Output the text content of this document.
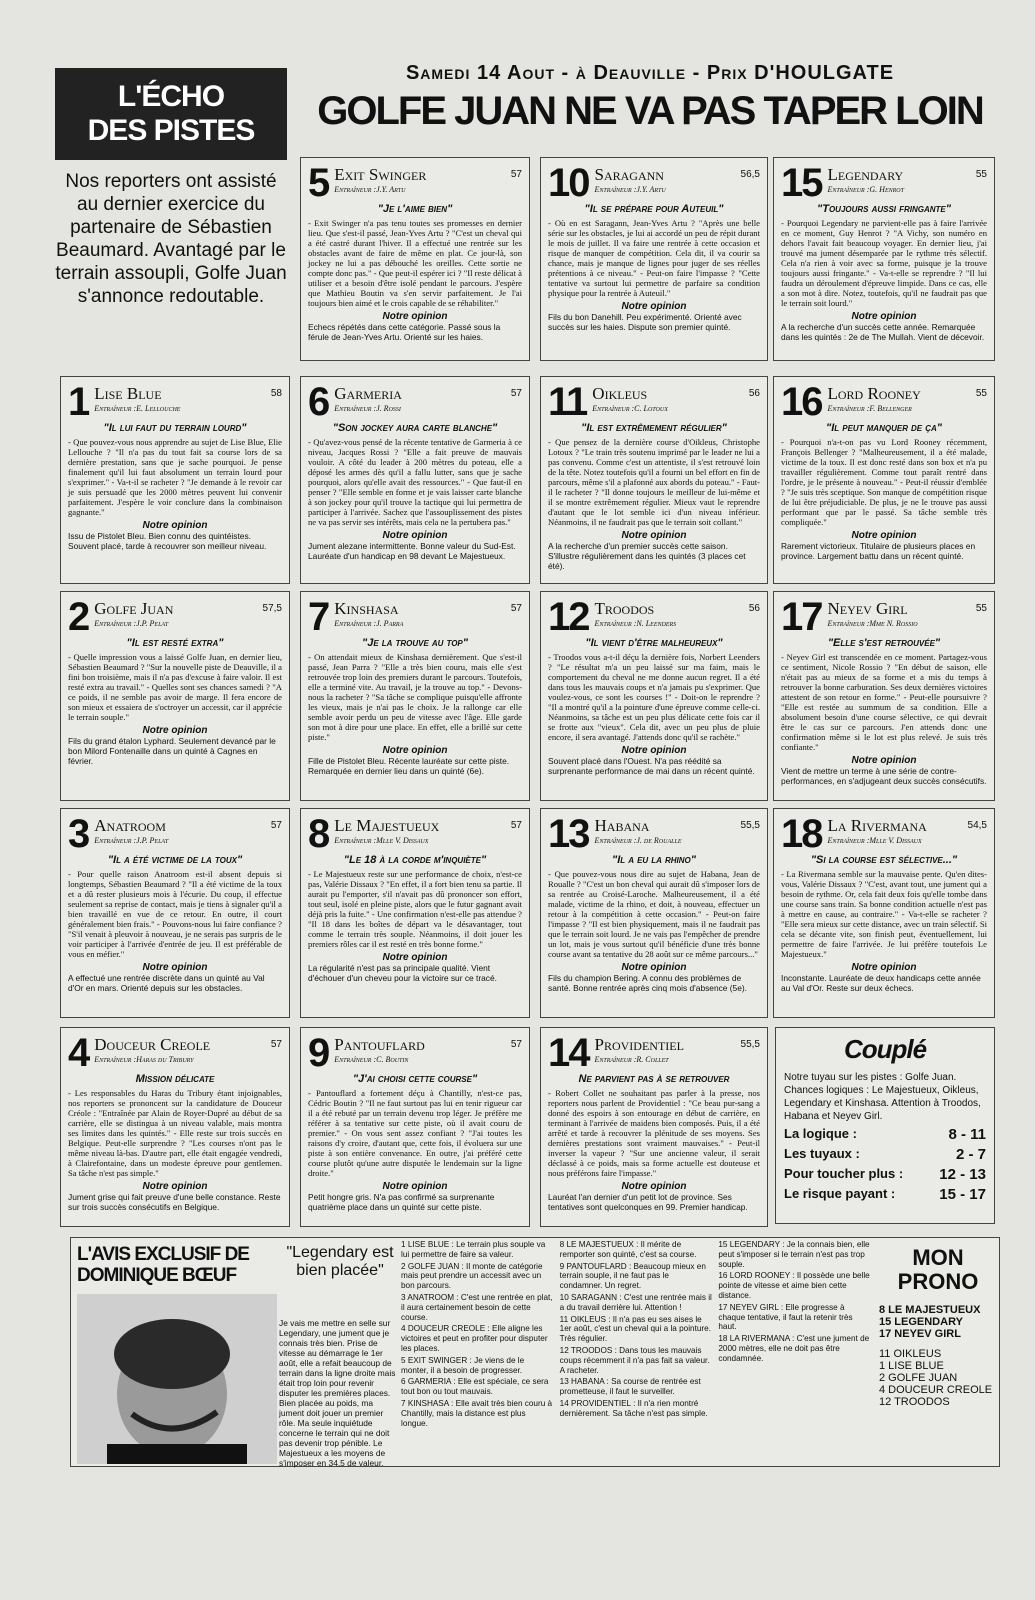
L'ÉCHO
DES PISTES
Nos reporters ont assisté au dernier exercice du partenaire de Sébastien Beaumard. Avantagé par le terrain assoupli, Golfe Juan s'annonce redoutable.
Samedi 14 Aout - à Deauville - Prix D'HOULGATE
GOLFE JUAN NE VA PAS TAPER LOIN
5	57
Exit Swinger
Entraîneur :J.Y. Artu
"Je l'aime bien"
- Exit Swinger n'a pas tenu toutes ses promesses en dernier lieu. Que s'est-il passé, Jean-Yves Artu ? "C'est un cheval qui a été castré durant l'hiver. Il a effectué une rentrée sur les obstacles avant de faire de même en plat. Ce jour-là, son jockey ne lui a pas débouché les oreilles. Cette sortie ne compte donc pas." - Que peut-il espérer ici ? "Il reste délicat à utiliser et a besoin d'être isolé pendant le parcours. J'espère que Mathieu Boutin va s'en servir parfaitement. Je l'ai toujours bien aimé et le crois capable de se réhabiliter."
Notre opinion
Echecs répétés dans cette catégorie. Passé sous la férule de Jean-Yves Artu. Orienté sur les haies.
10	56,5
Saragann
Entraîneur :J.Y. Artu
"Il se prépare pour Auteuil"
- Où en est Saragann, Jean-Yves Artu ? "Après une belle série sur les obstacles, je lui ai accordé un peu de répit durant le mois de juillet. Il va faire une rentrée à cette occasion et risque de manquer de compétition. Cela dit, il va courir sa chance, mais je manque de lignes pour juger de ses réelles prétentions à ce niveau." - Peut-on faire l'impasse ? "Cette tentative va surtout lui permettre de parfaire sa condition physique pour la rentrée à Auteuil."
Notre opinion
Fils du bon Danehill. Peu expérimenté. Orienté avec succès sur les haies. Dispute son premier quinté.
15	55
Legendary
Entraîneur :G. Henrot
"Toujours aussi fringante"
- Pourquoi Legendary ne parvient-elle pas à faire l'arrivée en ce moment, Guy Henrot ? "A Vichy, son numéro en dehors l'avait fait beaucoup voyager. En dernier lieu, j'ai trouvé ma jument désemparée par le rythme très sélectif. Cela n'a rien à voir avec sa forme, puisque je la trouve toujours aussi fringante." - Va-t-elle se reprendre ? "Il lui faudra un déroulement d'épreuve limpide. Dans ce cas, elle a son mot à dire. Notez, toutefois, qu'il ne faudrait pas que le terrain soit lourd."
Notre opinion
A la recherche d'un succès cette année. Remarquée dans les quintés : 2e de The Mullah. Vient de décevoir.
1	58
Lise Blue
Entraîneur :E. Lellouche
"Il lui faut du terrain lourd"
- Que pouvez-vous nous apprendre au sujet de Lise Blue, Elie Lellouche ? "Il n'a pas du tout fait sa course lors de sa dernière prestation, sans que je sache pourquoi. Je pense finalement qu'il lui faut absolument un terrain lourd pour s'exprimer." - Va-t-il se racheter ? "Je demande à le revoir car je suis persuadé que les 2000 mètres peuvent lui convenir parfaitement. J'espère le voir conclure dans la combinaison gagnante."
Notre opinion
Issu de Pistolet Bleu. Bien connu des quintéistes. Souvent placé, tarde à recouvrer son meilleur niveau.
6	57
Garmeria
Entraîneur :J. Rossi
"Son jockey aura carte blanche"
- Qu'avez-vous pensé de la récente tentative de Garmeria à ce niveau, Jacques Rossi ? "Elle a fait preuve de mauvais vouloir. A côté du leader à 200 mètres du poteau, elle a déposé les armes dès qu'il a fallu lutter, sans que je sache pourquoi, alors qu'elle avait des ressources." - Que faut-il en penser ? "Elle semble en forme et je vais laisser carte blanche à son jockey pour qu'il trouve la tactique qui lui permettra de participer à l'arrivée. Sachez que l'assouplissement des pistes ne va pas servir ses intérêts, mais cela ne la pertubera pas."
Notre opinion
Jument alezane intermittente. Bonne valeur du Sud-Est. Lauréate d'un handicap en 98 devant Le Majestueux.
11	56
Oikleus
Entraîneur :C. Lotoux
"Il est extrêmement régulier"
- Que pensez de la dernière course d'Oikleus, Christophe Lotoux ? "Le train très soutenu imprimé par le leader ne lui a pas convenu. Comme c'est un attentiste, il s'est retrouvé loin de la tête. Notez toutefois qu'il a fourni un bel effort en fin de parcours, même s'il a plafonné aux abords du poteau." - Faut-il le racheter ? "Il donne toujours le meilleur de lui-même et il se montre extrêmement régulier. Mieux vaut le reprendre d'autant que le lot semble ici d'un niveau inférieur. Néanmoins, il ne faudrait pas que le terrain soit collant."
Notre opinion
A la recherche d'un premier succès cette saison. S'illustre régulièrement dans les quintés (3 places cet été).
16	55
Lord Rooney
Entraîneur :F. Bellenger
"Il peut manquer de ça"
- Pourquoi n'a-t-on pas vu Lord Rooney récemment, François Bellenger ? "Malheureusement, il a été malade, victime de la toux. Il est donc resté dans son box et n'a pu travailler régulièrement. Comme tout paraît rentré dans l'ordre, je le présente à nouveau." - Peut-il réussir d'emblée ? "Je suis très sceptique. Son manque de compétition risque de lui être préjudiciable. De plus, je ne le trouve pas aussi performant que par le passé. Sa tâche semble très compliquée."
Notre opinion
Rarement victorieux. Titulaire de plusieurs places en province. Largement battu dans un récent quinté.
2	57,5
Golfe Juan
Entraîneur :J.P. Pelat
"Il est resté extra"
- Quelle impression vous a laissé Golfe Juan, en dernier lieu, Sébastien Beaumard ? "Sur la nouvelle piste de Deauville, il a fini bon troisième, mais il n'a pas d'excuse à faire valoir. Il est resté extra au travail." - Quelles sont ses chances samedi ? "A ce poids, il ne semble pas avoir de marge. Il fera encore de son mieux et essaiera de s'octroyer un accessit, car il apprécie le terrain souple."
Notre opinion
Fils du grand étalon Lyphard. Seulement devancé par le bon Milord Fontenaille dans un quinté à Cagnes en février.
7	57
Kinshasa
Entraîneur :J. Parra
"Je la trouve au top"
- On attendait mieux de Kinshasa dernièrement. Que s'est-il passé, Jean Parra ? "Elle a très bien couru, mais elle s'est retrouvée trop loin des premiers durant le parcours. Toutefois, elle a terminé vite. Au travail, je la trouve au top." - Devons-nous la racheter ? "Sa tâche se complique puisqu'elle affronte les vieux, mais je n'ai pas le choix. Je la rallonge car elle semble avoir perdu un peu de vitesse avec l'âge. Elle garde son mot à dire pour une place. En effet, elle a brillé sur cette piste."
Notre opinion
Fille de Pistolet Bleu. Récente lauréate sur cette piste. Remarquée en dernier lieu dans un quinté (6e).
12	56
Troodos
Entraîneur :N. Leenders
"Il vient d'être malheureux"
- Troodos vous a-t-il déçu la dernière fois, Norbert Leenders ? "Le résultat m'a un peu laissé sur ma faim, mais le comportement du cheval ne me donne aucun regret. Il a été dans tous les mauvais coups et n'a jamais pu s'exprimer. Que voulez-vous, ce sont les courses !" - Doit-on le reprendre ? "Il a montré qu'il a la pointure d'une épreuve comme celle-ci. Néanmoins, sa tâche est un peu plus délicate cette fois car il se frotte aux "vieux". Cela dit, avec un peu plus de pluie encore, il sera avantagé. J'attends donc qu'il se rachète."
Notre opinion
Souvent placé dans l'Ouest. N'a pas réédité sa surprenante performance de mai dans un récent quinté.
17	55
Neyev Girl
Entraîneur :Mme N. Rossio
"Elle s'est retrouvée"
- Neyev Girl est transcendée en ce moment. Partagez-vous ce sentiment, Nicole Rossio ? "En début de saison, elle n'était pas au mieux de sa forme et a mis du temps à retrouver la bonne carburation. Ses deux dernières victoires attestent de son retour en forme." - Peut-elle poursuivre ? "Elle est restée au summum de sa condition. Elle a absolument besoin d'une course sélective, ce qui devrait être le cas sur ce parcours. J'en attends donc une confirmation même si le lot est plus relevé. Je suis très confiante."
Notre opinion
Vient de mettre un terme à une série de contre-performances, en s'adjugeant deux succès consécutifs.
3	57
Anatroom
Entraîneur :J.P. Pelat
"Il a été victime de la toux"
- Pour quelle raison Anatroom est-il absent depuis si longtemps, Sébastien Beaumard ? "Il a été victime de la toux et a dû rester plusieurs mois à l'écurie. Du coup, il effectue seulement sa reprise de contact, mais je tiens à signaler qu'il a bien travaillé en vue de ce retour. En outre, il court généralement bien frais." - Pouvons-nous lui faire confiance ? "S'il venait à pleuvoir à nouveau, je ne serais pas surpris de le voir participer à l'arrivée d'entrée de jeu. Il est préférable de vous en méfier."
Notre opinion
A effectué une rentrée discrète dans un quinté au Val d'Or en mars. Orienté depuis sur les obstacles.
8	57
Le Majestueux
Entraîneur :Mlle V. Dissaux
"Le 18 à la corde m'inquiète"
- Le Majestueux reste sur une performance de choix, n'est-ce pas, Valérie Dissaux ? "En effet, il a fort bien tenu sa partie. Il aurait pu l'emporter, s'il n'avait pas dû prononcer son effort, tout seul, isolé en pleine piste, alors que le futur gagnant avait déjà pris la fuite." - Une confirmation n'est-elle pas attendue ? "Il 18 dans les boîtes de départ va le désavantager, tout comme le terrain très souple. Néanmoins, il doit jouer les premiers rôles car il est resté en très bonne forme."
Notre opinion
La régularité n'est pas sa principale qualité. Vient d'échouer d'un cheveu pour la victoire sur ce tracé.
13	55,5
Habana
Entraîneur :J. de Roualle
"Il a eu la rhino"
- Que pouvez-vous nous dire au sujet de Habana, Jean de Roualle ? "C'est un bon cheval qui aurait dû s'imposer lors de sa rentrée au Croisé-Laroche. Malheureusement, il a été malade, victime de la rhino, et doit, à nouveau, effectuer un retour à la compétition à cette occasion." - Peut-on faire l'impasse ? "Il est bien physiquement, mais il ne faudrait pas que le terrain soit lourd. Je ne vais pas l'empêcher de prendre un lot, mais je vous surtout qu'il bénéficie d'une très bonne course avant sa tentative du 28 août sur ce même parcours..."
Notre opinion
Fils du champion Bering. A connu des problèmes de santé. Bonne rentrée après cinq mois d'absence (5e).
18	54,5
La Rivermana
Entraîneur :Mlle V. Dissaux
"Si la course est sélective..."
- La Rivermana semble sur la mauvaise pente. Qu'en dites-vous, Valérie Dissaux ? "C'est, avant tout, une jument qui a besoin de rythme. Or, cela fait deux fois qu'elle tombe dans une course sans train. Sa bonne condition actuelle n'est pas à mettre en cause, au contraire." - Va-t-elle se racheter ? "Elle sera mieux sur cette distance, avec un train sélectif. Si cela se décante vite, son finish peut, éventuellement, lui permettre de faire l'arrivée. Je lui préfère toutefois Le Majestueux."
Notre opinion
Inconstante. Lauréate de deux handicaps cette année au Val d'Or. Reste sur deux échecs.
4	57
Douceur Creole
Entraîneur :Haras du Tribury
Mission délicate
- Les responsables du Haras du Tribury étant injoignables, nos reporters se prononcent sur la candidature de Douceur Créole : "Entraînée par Alain de Royer-Dupré au début de sa carrière, elle se distingua à un niveau valable, mais montra ses limites dans les quintés." - Elle reste sur trois succès en Belgique. Peut-elle surprendre ? "Les courses n'ont pas le même niveau là-bas. D'autre part, elle était engagée vendredi, à Clairefontaine, dans un modeste épreuve pour gentlemen. Sa tâche n'est pas simple."
Notre opinion
Jument grise qui fait preuve d'une belle constance. Reste sur trois succès consécutifs en Belgique.
9	57
Pantouflard
Entraîneur :C. Boutin
"J'ai choisi cette course"
- Pantouflard a fortement déçu à Chantilly, n'est-ce pas, Cédric Boutin ? "Il ne faut surtout pas lui en tenir rigueur car il a été rebuté par un terrain devenu trop léger. Je préfère me référer à sa tentative sur cette piste, où il avait couru de premier." - On vous sent assez confiant ? "J'ai toutes les raisons d'y croire, d'autant que, cette fois, il évoluera sur une piste à son entière convenance. En outre, j'ai préféré cette course plutôt qu'une autre disputée le lendemain sur la ligne droite."
Notre opinion
Petit hongre gris. N'a pas confirmé sa surprenante quatrième place dans un quinté sur cette piste.
14	55,5
Providentiel
Entraîneur :R. Collet
Ne parvient pas à se retrouver
- Robert Collet ne souhaitant pas parler à la presse, nos reporters nous parlent de Providentiel : "Ce beau pur-sang a donné des espoirs à son entourage en début de carrière, en terminant à l'arrivée de maidens bien composés. Puis, il a été arrêté et tarde à recouvrer la plénitude de ses moyens. Ses dernières prestations sont vraiment mauvaises." - Peut-il inverser la vapeur ? "Sur une ancienne valeur, il serait déclassé à ce poids, mais sa forme actuelle est douteuse et nous préférons faire l'impasse."
Notre opinion
Lauréat l'an dernier d'un petit lot de province. Ses tentatives sont quelconques en 99. Premier handicap.
Couplé
Notre tuyau sur les pistes : Golfe Juan. Chances logiques : Le Majestueux, Oikleus, Legendary et Kinshasa. Attention à Troodos, Habana et Neyev Girl.
La logique :	8 - 11
Les tuyaux :	2 - 7
Pour toucher plus : 12 - 13
Le risque payant :	15 - 17
L'AVIS EXCLUSIF DE
DOMINIQUE BŒUF
"Legendary est bien placée"
Je vais me mettre en selle sur Legendary, une jument que je connais très bien. Prise de vitesse au démarrage le 1er août, elle a refait beaucoup de terrain dans la ligne droite mais était trop loin pour revenir disputer les premières places. Bien placée au poids, ma jument doit jouer un premier rôle. Ma seule inquiétude concerne le terrain qui ne doit pas devenir trop pénible. Le Majestueux a les moyens de s'imposer en 34,5 de valeur.

1 LISE BLUE : Le terrain plus souple va lui permettre de faire sa valeur.

2 GOLFE JUAN : Il monte de catégorie mais peut prendre un accessit avec un bon parcours.

3 ANATROOM : C'est une rentrée en plat, il aura certainement besoin de cette course.

4 DOUCEUR CREOLE : Elle aligne les victoires et peut en profiter pour disputer les places.

5 EXIT SWINGER : Je viens de le monter, il a besoin de progresser.

6 GARMERIA : Elle est spéciale, ce sera tout bon ou tout mauvais.

7 KINSHASA : Elle avait très bien couru à Chantilly, mais la distance est plus longue.

8 LE MAJESTUEUX : Il mérite de remporter son quinté, c'est sa course.

9 PANTOUFLARD : Beaucoup mieux en terrain souple, il ne faut pas le condamner. Un regret.

10 SARAGANN : C'est une rentrée mais il a du travail derrière lui. Attention !

11 OIKLEUS : Il n'a pas eu ses aises le 1er août, c'est un cheval qui a la pointure. Très régulier.

12 TROODOS : Dans tous les mauvais coups récemment il n'a pas fait sa valeur. A racheter.

13 HABANA : Sa course de rentrée est prometteuse, il faut le surveiller.

14 PROVIDENTIEL : Il n'a rien montré dernièrement. Sa tâche n'est pas simple.

15 LEGENDARY : Je la connais bien, elle peut s'imposer si le terrain n'est pas trop souple.

16 LORD ROONEY : Il possède une belle pointe de vitesse et aime bien cette distance.

17 NEYEV GIRL : Elle progresse à chaque tentative, il faut la retenir très haut.

18 LA RIVERMANA : C'est une jument de 2000 mètres, elle ne doit pas être condamnée.

MON
PRONO
8 LE MAJESTUEUX
15 LEGENDARY
17 NEYEV GIRL
11 OIKLEUS
1 LISE BLUE
2 GOLFE JUAN
4 DOUCEUR CREOLE
12 TROODOS
